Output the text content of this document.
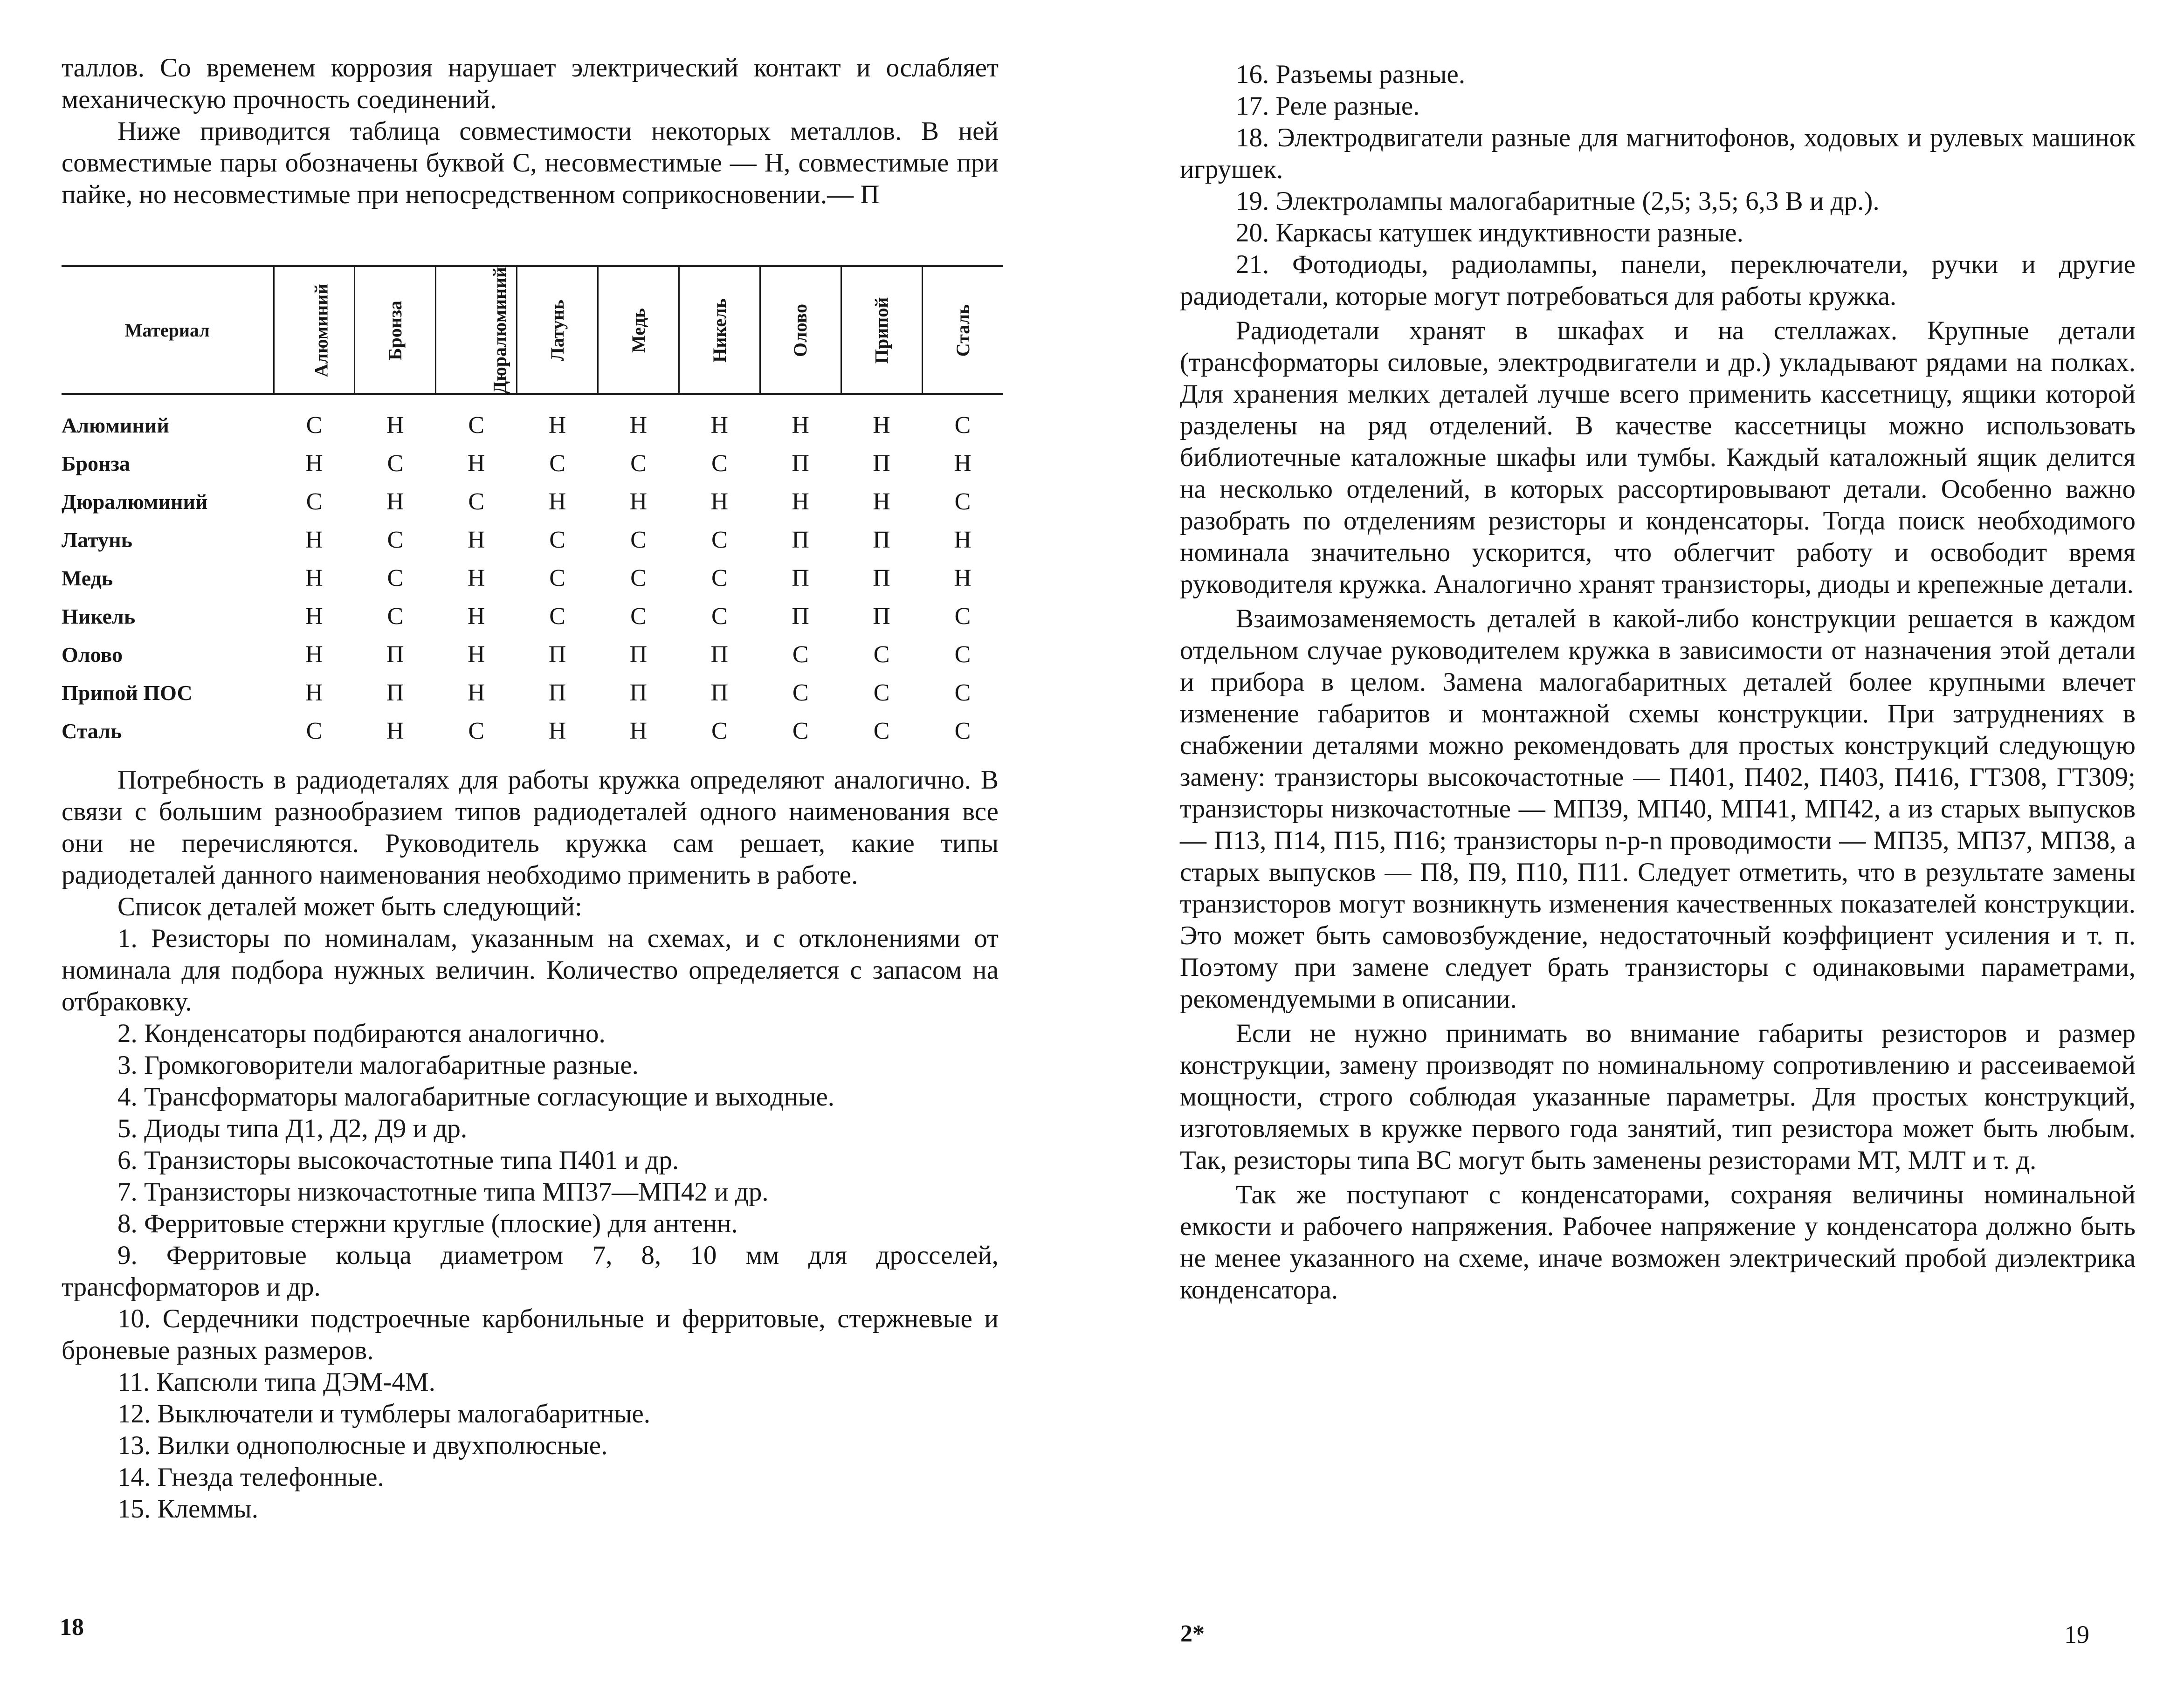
таллов. Со временем коррозия нарушает электрический контакт и ослабляет механическую прочность соединений.

Ниже приводится таблица совместимости некоторых металлов. В ней совместимые пары обозначены буквой С, несовместимые — Н, совместимые при пайке, но несовместимые при непосредственном соприкосновении.— П

Материал	Алюминий	Бронза	Дюралюминий	Латунь	Медь	Никель	Олово	Припой	Сталь
Алюминий	С	Н	С	Н	Н	Н	Н	Н	С
Бронза	Н	С	Н	С	С	С	П	П	Н
Дюралюминий	С	Н	С	Н	Н	Н	Н	Н	С
Латунь	Н	С	Н	С	С	С	П	П	Н
Медь	Н	С	Н	С	С	С	П	П	Н
Никель	Н	С	Н	С	С	С	П	П	С
Олово	Н	П	Н	П	П	П	С	С	С
Припой ПОС	Н	П	Н	П	П	П	С	С	С
Сталь	С	Н	С	Н	Н	С	С	С	С

Потребность в радиодеталях для работы кружка определяют аналогично. В связи с большим разнообразием типов радиодеталей одного наименования все они не перечисляются. Руководитель кружка сам решает, какие типы радиодеталей данного наименования необходимо применить в работе.

Список деталей может быть следующий:

1. Резисторы по номиналам, указанным на схемах, и с отклонениями от номинала для подбора нужных величин. Количество определяется с запасом на отбраковку.

2. Конденсаторы подбираются аналогично.

3. Громкоговорители малогабаритные разные.

4. Трансформаторы малогабаритные согласующие и выходные.

5. Диоды типа Д1, Д2, Д9 и др.

6. Транзисторы высокочастотные типа П401 и др.

7. Транзисторы низкочастотные типа МП37—МП42 и др.

8. Ферритовые стержни круглые (плоские) для антенн.

9. Ферритовые кольца диаметром 7, 8, 10 мм для дросселей, трансформаторов и др.

10. Сердечники подстроечные карбонильные и ферритовые, стержневые и броневые разных размеров.

11. Капсюли типа ДЭМ-4М.

12. Выключатели и тумблеры малогабаритные.

13. Вилки однополюсные и двухполюсные.

14. Гнезда телефонные.

15. Клеммы.

18

16. Разъемы разные.

17. Реле разные.

18. Электродвигатели разные для магнитофонов, ходовых и рулевых машинок игрушек.

19. Электролампы малогабаритные (2,5; 3,5; 6,3 В и др.).

20. Каркасы катушек индуктивности разные.

21. Фотодиоды, радиолампы, панели, переключатели, ручки и другие радиодетали, которые могут потребоваться для работы кружка.

Радиодетали хранят в шкафах и на стеллажах. Крупные детали (трансформаторы силовые, электродвигатели и др.) укладывают рядами на полках. Для хранения мелких деталей лучше всего применить кассетницу, ящики которой разделены на ряд отделений. В качестве кассетницы можно использовать библиотечные каталожные шкафы или тумбы. Каждый каталожный ящик делится на несколько отделений, в которых рассортировывают детали. Особенно важно разобрать по отделениям резисторы и конденсаторы. Тогда поиск необходимого номинала значительно ускорится, что облегчит работу и освободит время руководителя кружка. Аналогично хранят транзисторы, диоды и крепежные детали.

Взаимозаменяемость деталей в какой-либо конструкции решается в каждом отдельном случае руководителем кружка в зависимости от назначения этой детали и прибора в целом. Замена малогабаритных деталей более крупными влечет изменение габаритов и монтажной схемы конструкции. При затруднениях в снабжении деталями можно рекомендовать для простых конструкций следующую замену: транзисторы высокочастотные — П401, П402, П403, П416, ГТ308, ГТ309; транзисторы низкочастотные — МП39, МП40, МП41, МП42, а из старых выпусков — П13, П14, П15, П16; транзисторы n-p-n проводимости — МП35, МП37, МП38, а старых выпусков — П8, П9, П10, П11. Следует отметить, что в результате замены транзисторов могут возникнуть изменения качественных показателей конструкции. Это может быть самовозбуждение, недостаточный коэффициент усиления и т. п. Поэтому при замене следует брать транзисторы с одинаковыми параметрами, рекомендуемыми в описании.

Если не нужно принимать во внимание габариты резисторов и размер конструкции, замену производят по номинальному сопротивлению и рассеиваемой мощности, строго соблюдая указанные параметры. Для простых конструкций, изготовляемых в кружке первого года занятий, тип резистора может быть любым. Так, резисторы типа ВС могут быть заменены резисторами МТ, МЛТ и т. д.

Так же поступают с конденсаторами, сохраняя величины номинальной емкости и рабочего напряжения. Рабочее напряжение у конденсатора должно быть не менее указанного на схеме, иначе возможен электрический пробой диэлектрика конденсатора.

2*	19
